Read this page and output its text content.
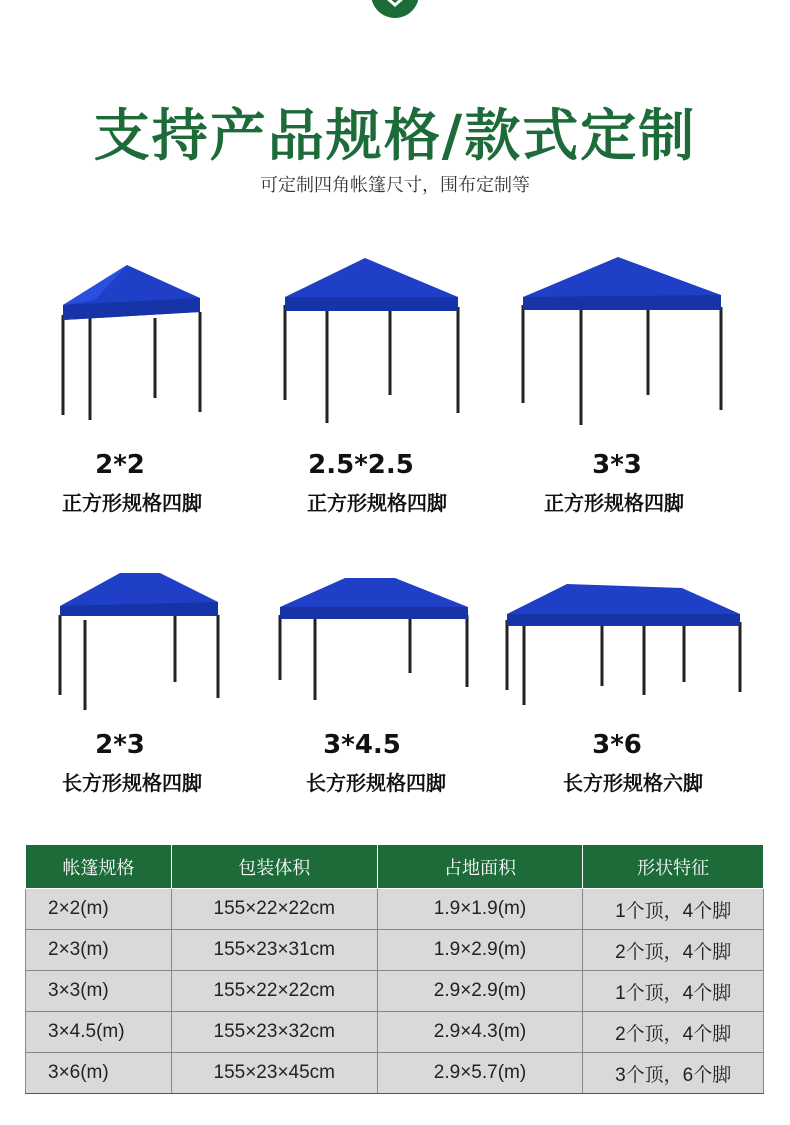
支持产品规格/款式定制
可定制四角帐篷尺寸，围布定制等
2*2
正方形规格四脚
2.5*2.5
正方形规格四脚
3*3
正方形规格四脚
2*3
长方形规格四脚
3*4.5
长方形规格四脚
3*6
长方形规格六脚
帐篷规格	包装体积	占地面积	形状特征
2×2(m)	155×22×22cm	1.9×1.9(m)	1个顶，4个脚
2×3(m)	155×23×31cm	1.9×2.9(m)	2个顶，4个脚
3×3(m)	155×22×22cm	2.9×2.9(m)	1个顶，4个脚
3×4.5(m)	155×23×32cm	2.9×4.3(m)	2个顶，4个脚
3×6(m)	155×23×45cm	2.9×5.7(m)	3个顶，6个脚
